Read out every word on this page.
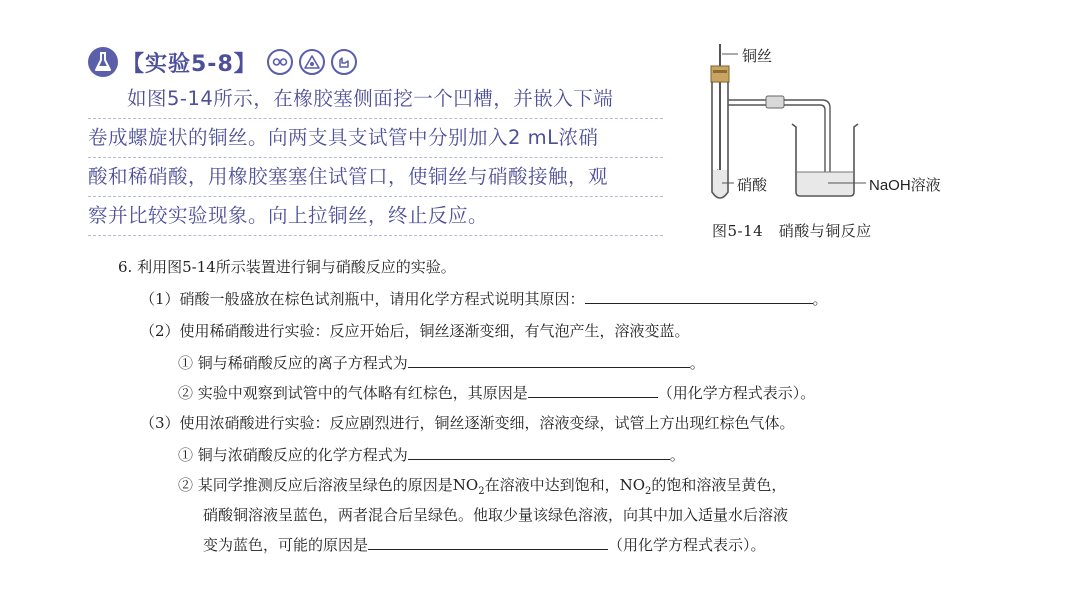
【实验5-8】
如图5-14所示，在橡胶塞侧面挖一个凹槽，并嵌入下端
卷成螺旋状的铜丝。向两支具支试管中分别加入2 mL浓硝
酸和稀硝酸，用橡胶塞塞住试管口，使铜丝与硝酸接触，观
察并比较实验现象。向上拉铜丝，终止反应。
铜丝
硝酸	NaOH溶液
图5-14　硝酸与铜反应
6. 利用图5-14所示装置进行铜与硝酸反应的实验。
（1）硝酸一般盛放在棕色试剂瓶中，请用化学方程式说明其原因：	。
（2）使用稀硝酸进行实验：反应开始后，铜丝逐渐变细，有气泡产生，溶液变蓝。
① 铜与稀硝酸反应的离子方程式为	。
② 实验中观察到试管中的气体略有红棕色，其原因是	（用化学方程式表示）。
（3）使用浓硝酸进行实验：反应剧烈进行，铜丝逐渐变细，溶液变绿，试管上方出现红棕色气体。
① 铜与浓硝酸反应的化学方程式为	。
② 某同学推测反应后溶液呈绿色的原因是$NO_2$在溶液中达到饱和，$NO_2$的饱和溶液呈黄色，
硝酸铜溶液呈蓝色，两者混合后呈绿色。他取少量该绿色溶液，向其中加入适量水后溶液
变为蓝色，可能的原因是	（用化学方程式表示）。
